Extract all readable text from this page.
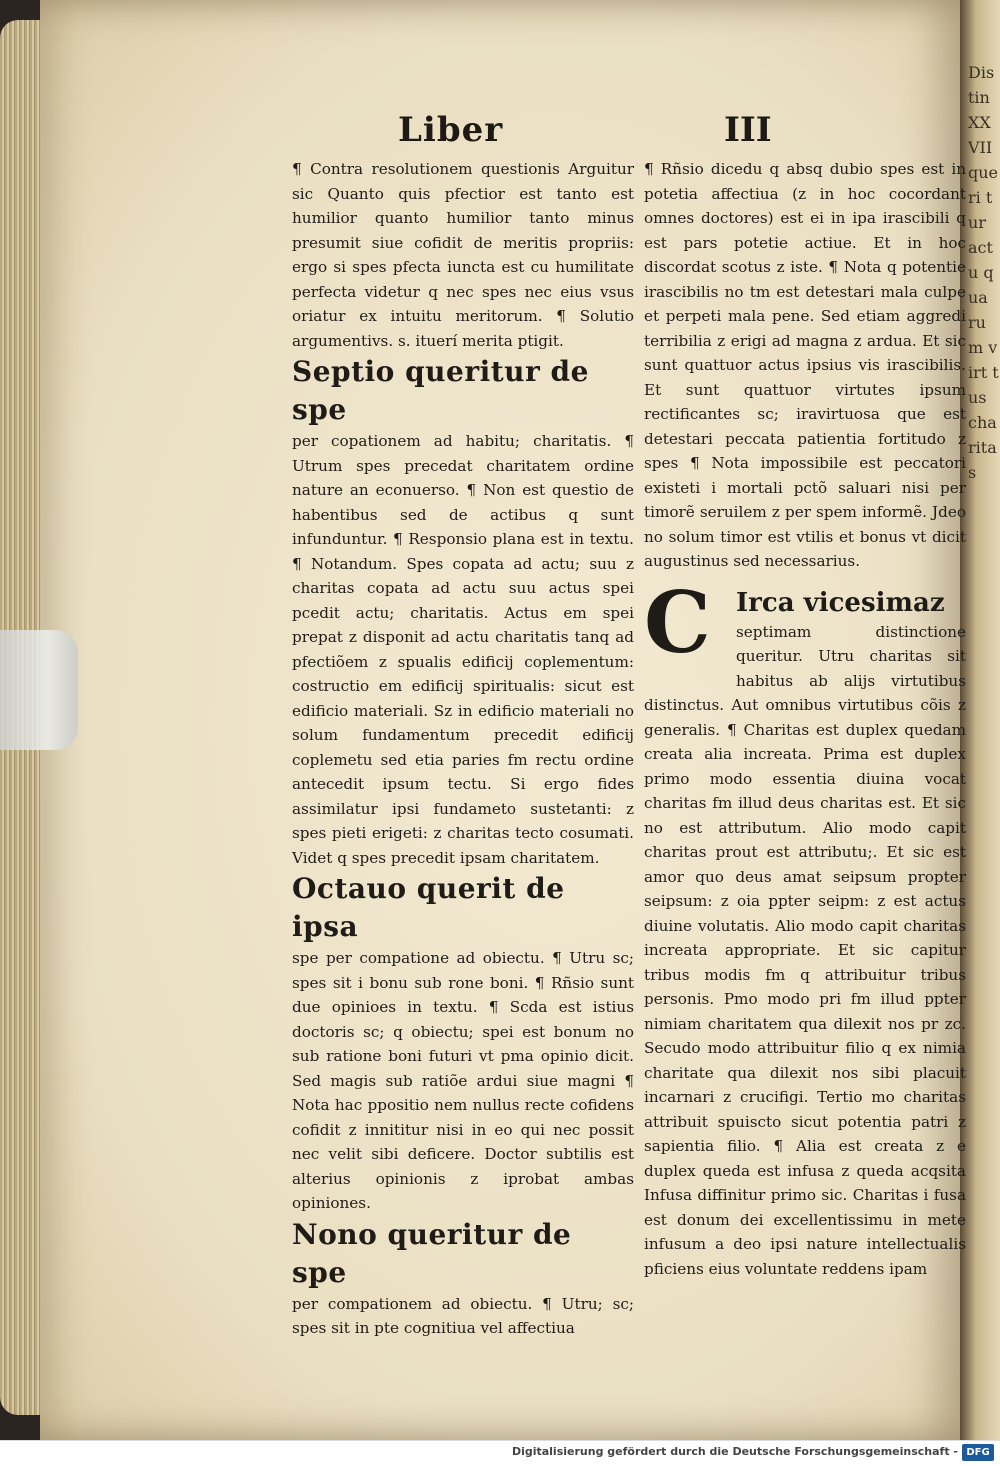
Distin XXVII queri tur actu qua rum virt tus cha ritas
Liber	III

¶ Contra resolutionem questionis Arguitur sic Quanto quis pfectior est tanto est humilior quanto humilior tanto minus presumit siue cofidit de meritis propriis: ergo si spes pfecta iuncta est cu humilitate perfecta videtur q nec spes nec eius vsus oriatur ex intuitu meritorum. ¶ Solutio argumentivs. s. ituerí merita ptigit.

Septio queritur de spe

per copationem ad habitu; charitatis. ¶ Utrum spes precedat charitatem ordine nature an econuerso. ¶ Non est questio de habentibus sed de actibus q sunt infunduntur. ¶ Responsio plana est in textu. ¶ Notandum. Spes copata ad actu; suu z charitas copata ad actu suu actus spei pcedit actu; charitatis. Actus em spei prepat z disponit ad actu charitatis tanq ad pfectiõem z spualis edificij coplementum: costructio em edificij spiritualis: sicut est edificio materiali. Sz in edificio materiali no solum fundamentum precedit edificij coplemetu sed etia paries fm rectu ordine antecedit ipsum tectu. Si ergo fides assimilatur ipsi fundameto sustetanti: z spes pieti erigeti: z charitas tecto cosumati. Videt q spes precedit ipsam charitatem.

Octauo querit de ipsa

spe per compatione ad obiectu. ¶ Utru sc; spes sit i bonu sub rone boni. ¶ Rñsio sunt due opinioes in textu. ¶ Scda est istius doctoris sc; q obiectu; spei est bonum no sub ratione boni futuri vt pma opinio dicit. Sed magis sub ratiõe ardui siue magni ¶ Nota hac ppositio nem nullus recte cofidens cofidit z innititur nisi in eo qui nec possit nec velit sibi deficere. Doctor subtilis est alterius opinionis z iprobat ambas opiniones.

Nono queritur de spe

per compationem ad obiectu. ¶ Utru; sc; spes sit in pte cognitiua vel affectiua

¶ Rñsio dicedu q absq dubio spes est in potetia affectiua (z in hoc cocordant omnes doctores) est ei in ipa irascibili q est pars potetie actiue. Et in hoc discordat scotus z iste. ¶ Nota q potentie irascibilis no tm est detestari mala culpe et perpeti mala pene. Sed etiam aggredi terribilia z erigi ad magna z ardua. Et sic sunt quattuor actus ipsius vis irascibilis. Et sunt quattuor virtutes ipsum rectificantes sc; iravirtuosa que est detestari peccata patientia fortitudo z spes ¶ Nota impossibile est peccatori existeti i mortali pctõ saluari nisi per timorẽ seruilem z per spem informẽ. Jdeo no solum timor est vtilis et bonus vt dicit augustinus sed necessarius.

C Irca vicesimaz

septimam distinctione queritur. Utru charitas sit habitus ab alijs virtutibus distinctus. Aut omnibus virtutibus cõis z generalis. ¶ Charitas est duplex quedam creata alia increata. Prima est duplex primo modo essentia diuina vocat charitas fm illud deus charitas est. Et sic no est attributum. Alio modo capit charitas prout est attributu;. Et sic est amor quo deus amat seipsum propter seipsum: z oia ppter seipm: z est actus diuine volutatis. Alio modo capit charitas increata appropriate. Et sic capitur tribus modis fm q attribuitur tribus personis. Pmo modo pri fm illud ppter nimiam charitatem qua dilexit nos pr zc. Secudo modo attribuitur filio q ex nimia charitate qua dilexit nos sibi placuit incarnari z crucifigi. Tertio mo charitas attribuit spuiscto sicut potentia patri z sapientia filio. ¶ Alia est creata z e duplex queda est infusa z queda acqsita Infusa diffinitur primo sic. Charitas i fusa est donum dei excellentissimu in mete infusum a deo ipsi nature intellectualis pficiens eius voluntate reddens ipam

Digitalisierung gefördert durch die Deutsche Forschungsgemeinschaft - DFG
